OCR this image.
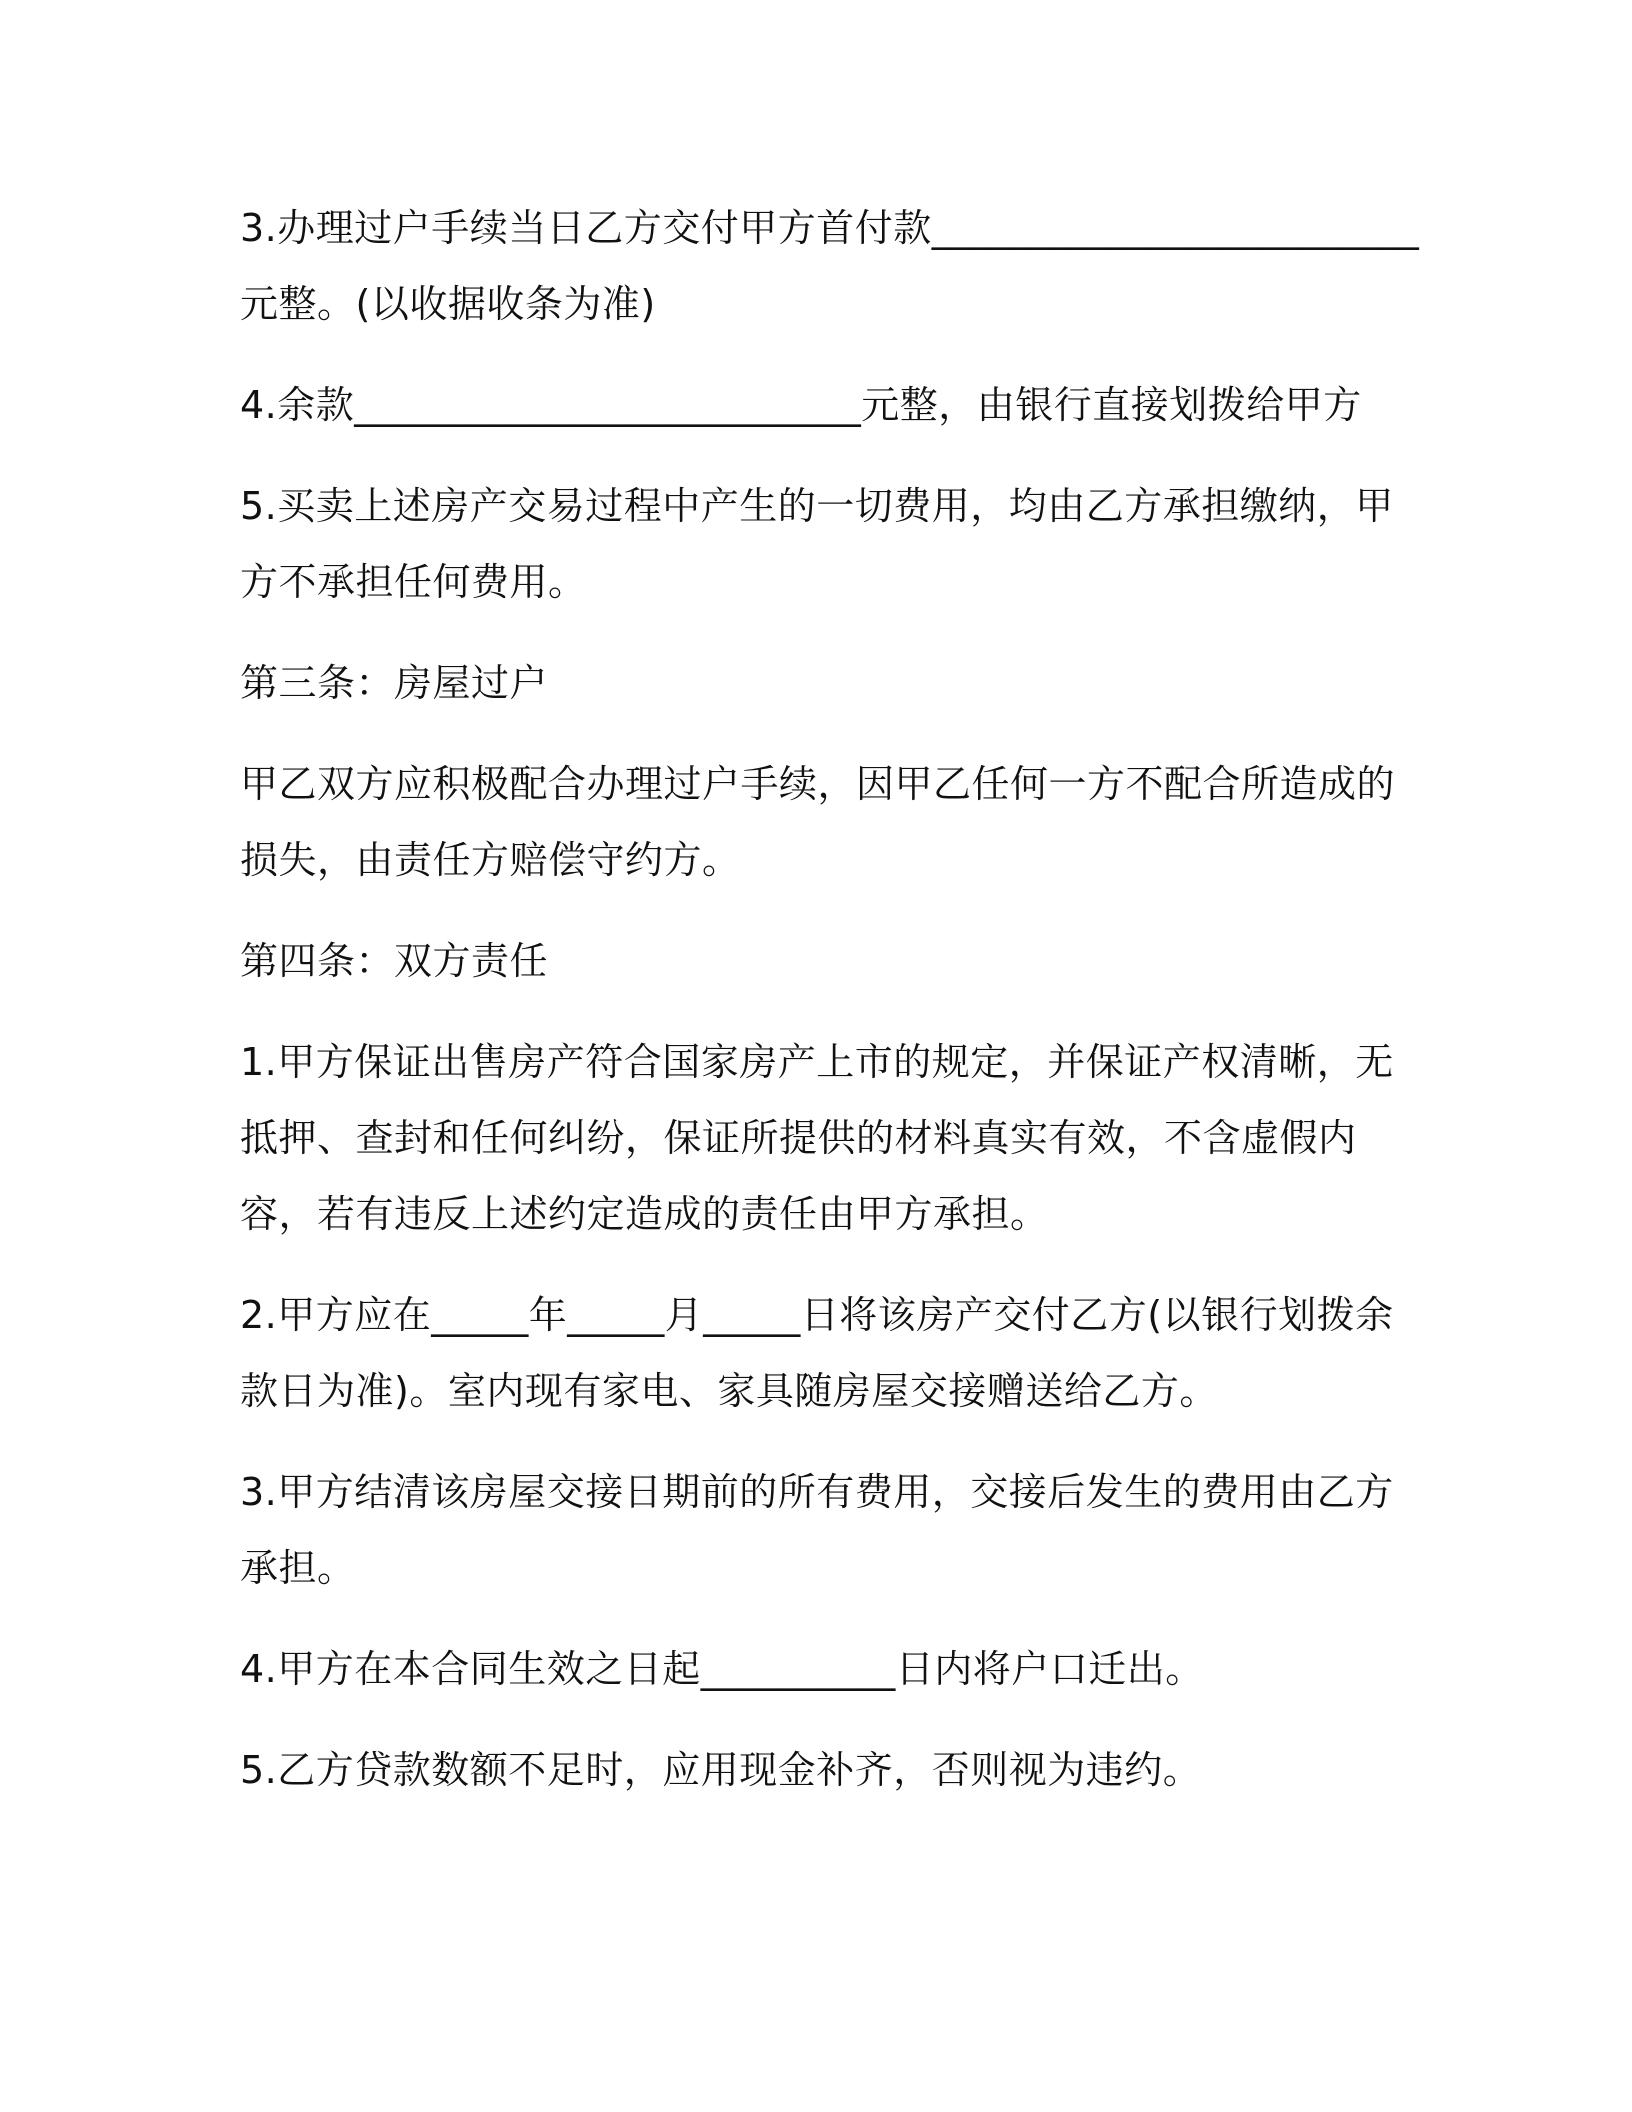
3.办理过户手续当日乙方交付甲方首付款_________________________元整。(以收据收条为准)

4.余款__________________________元整，由银行直接划拨给甲方

5.买卖上述房产交易过程中产生的一切费用，均由乙方承担缴纳，甲方不承担任何费用。

第三条：房屋过户

甲乙双方应积极配合办理过户手续，因甲乙任何一方不配合所造成的损失，由责任方赔偿守约方。

第四条：双方责任

1.甲方保证出售房产符合国家房产上市的规定，并保证产权清晰，无抵押、查封和任何纠纷，保证所提供的材料真实有效，不含虚假内容，若有违反上述约定造成的责任由甲方承担。

2.甲方应在_____年_____月_____日将该房产交付乙方(以银行划拨余款日为准)。室内现有家电、家具随房屋交接赠送给乙方。

3.甲方结清该房屋交接日期前的所有费用，交接后发生的费用由乙方承担。

4.甲方在本合同生效之日起__________日内将户口迁出。

5.乙方贷款数额不足时，应用现金补齐，否则视为违约。
